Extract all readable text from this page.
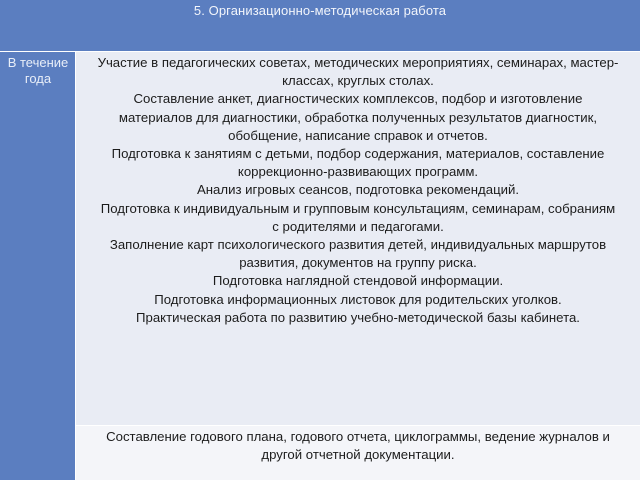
5. Организационно-методическая работа
В течение
года
Участие в педагогических советах, методических мероприятиях, семинарах, мастер-
классах, круглых столах.
Составление анкет, диагностических комплексов, подбор и изготовление
материалов для диагностики, обработка полученных результатов диагностик,
обобщение, написание справок и отчетов.
Подготовка к занятиям с детьми, подбор содержания, материалов, составление
коррекционно-развивающих программ.
Анализ игровых сеансов, подготовка рекомендаций.
Подготовка к индивидуальным и групповым консультациям, семинарам, собраниям
с родителями и педагогами.
Заполнение карт психологического развития детей, индивидуальных маршрутов
развития, документов на группу риска.
Подготовка наглядной стендовой информации.
Подготовка информационных листовок для родительских уголков.
Практическая работа по развитию учебно-методической базы кабинета.
Составление годового плана, годового отчета, циклограммы, ведение журналов и
другой отчетной документации.
